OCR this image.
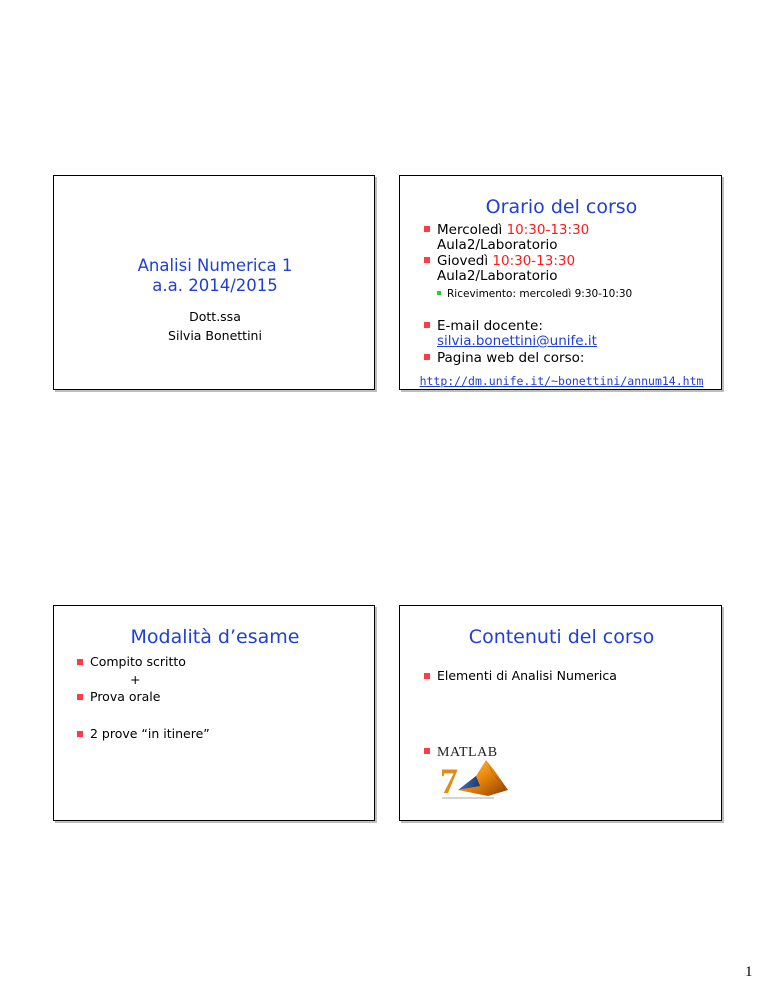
Analisi Numerica 1
a.a. 2014/2015
Dott.ssa
Silvia Bonettini
Orario del corso
Mercoledì 10:30-13:30
Aula2/Laboratorio
Giovedì 10:30-13:30
Aula2/Laboratorio
Ricevimento: mercoledì 9:30-10:30
E-mail docente:
silvia.bonettini@unife.it
Pagina web del corso:
http://dm.unife.it/~bonettini/annum14.htm
Modalità d’esame
Compito scritto
+
Prova orale
2 prove “in itinere”
Contenuti del corso
Elementi di Analisi Numerica
MATLAB
7
1
